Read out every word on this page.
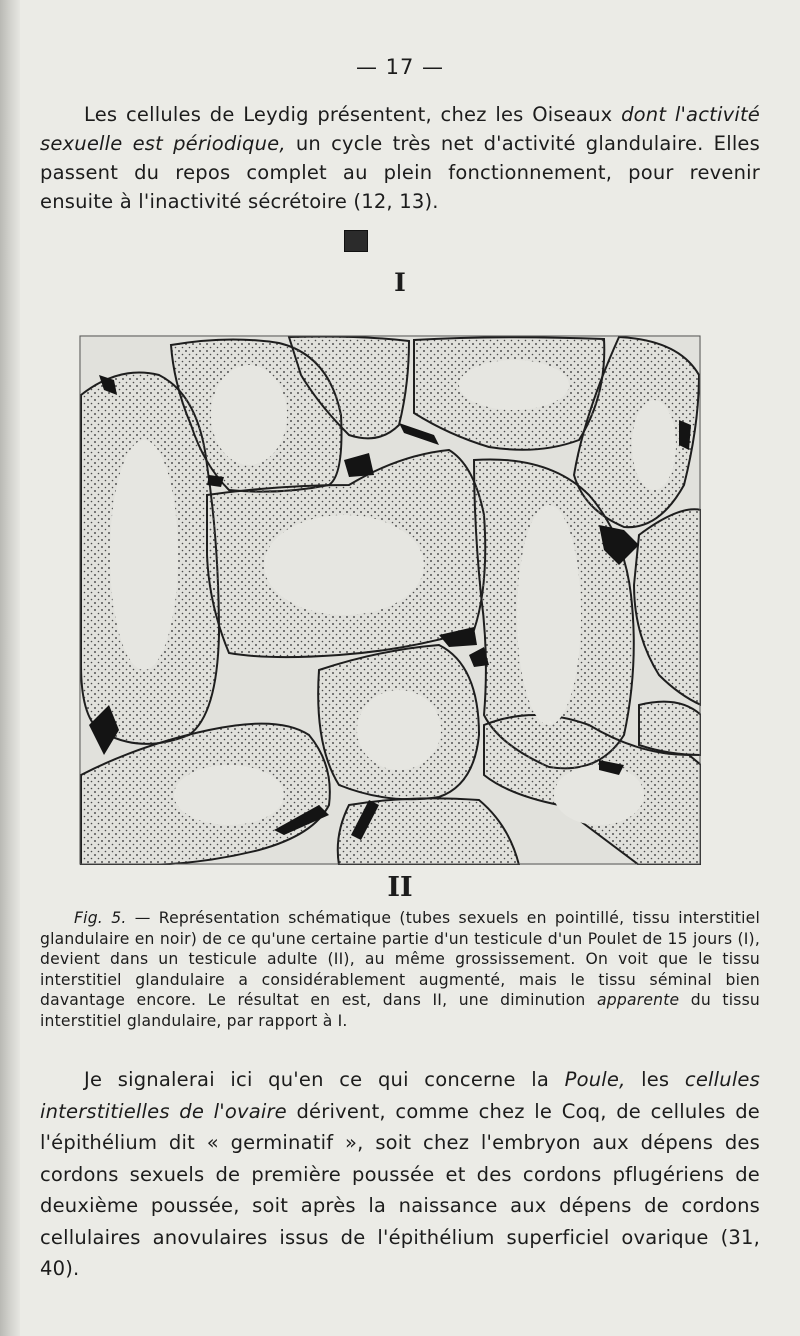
— 17 —

Les cellules de Leydig présentent, chez les Oiseaux dont l'activité sexuelle est périodique, un cycle très net d'activité glandulaire. Elles passent du repos complet au plein fonctionnement, pour revenir ensuite à l'inactivité sécrétoire (12, 13).

I
II

Fig. 5. — Représentation schématique (tubes sexuels en pointillé, tissu interstitiel glandulaire en noir) de ce qu'une certaine partie d'un testicule d'un Poulet de 15 jours (I), devient dans un testicule adulte (II), au même grossissement. On voit que le tissu interstitiel glandulaire a considérablement augmenté, mais le tissu séminal bien davantage encore. Le résultat en est, dans II, une diminution apparente du tissu interstitiel glandulaire, par rapport à I.

Je signalerai ici qu'en ce qui concerne la Poule, les cellules interstitielles de l'ovaire dérivent, comme chez le Coq, de cellules de l'épithélium dit « germinatif », soit chez l'embryon aux dépens des cordons sexuels de première poussée et des cordons pflugériens de deuxième poussée, soit après la naissance aux dépens de cordons cellulaires anovulaires issus de l'épithélium superficiel ovarique (31, 40).
